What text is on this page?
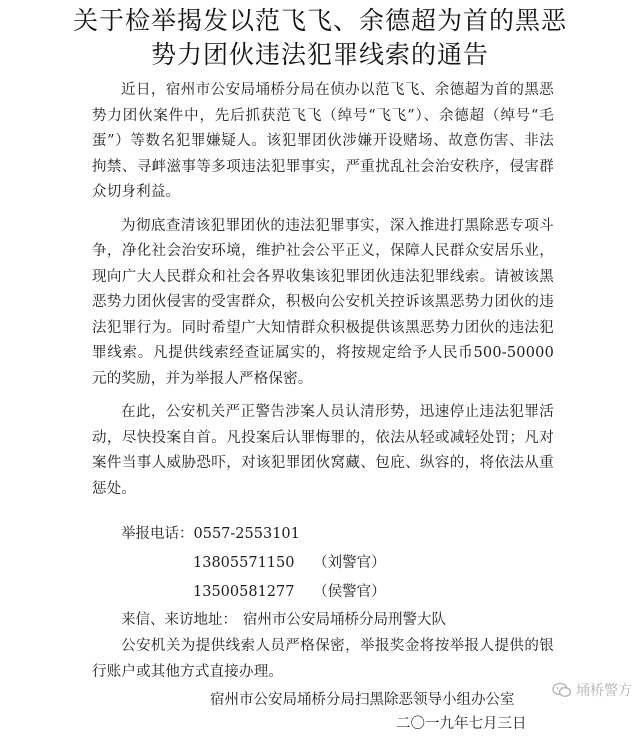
关于检举揭发以范飞飞、余德超为首的黑恶
势力团伙违法犯罪线索的通告

近日，宿州市公安局埇桥分局在侦办以范飞飞、余德超为首的黑恶势力团伙案件中，先后抓获范飞飞（绰号“飞飞”）、余德超（绰号“毛蛋”）等数名犯罪嫌疑人。该犯罪团伙涉嫌开设赌场、故意伤害、非法拘禁、寻衅滋事等多项违法犯罪事实，严重扰乱社会治安秩序，侵害群众切身利益。

为彻底查清该犯罪团伙的违法犯罪事实，深入推进打黑除恶专项斗争，净化社会治安环境，维护社会公平正义，保障人民群众安居乐业，现向广大人民群众和社会各界收集该犯罪团伙违法犯罪线索。请被该黑恶势力团伙侵害的受害群众，积极向公安机关控诉该黑恶势力团伙的违法犯罪行为。同时希望广大知情群众积极提供该黑恶势力团伙的违法犯罪线索。凡提供线索经查证属实的，将按规定给予人民币500-50000元的奖励，并为举报人严格保密。

在此，公安机关严正警告涉案人员认清形势，迅速停止违法犯罪活动，尽快投案自首。凡投案后认罪悔罪的，依法从轻或减轻处罚；凡对案件当事人威胁恐吓，对该犯罪团伙窝藏、包庇、纵容的，将依法从重惩处。

举报电话：0557-2553101
13805571150 （刘警官）
13500581277 （侯警官）
来信、来访地址： 宿州市公安局埇桥分局刑警大队

公安机关为提供线索人员严格保密，举报奖金将按举报人提供的银行账户或其他方式直接办理。

宿州市公安局埇桥分局扫黑除恶领导小组办公室
二〇一九年七月三日
埇桥警方
